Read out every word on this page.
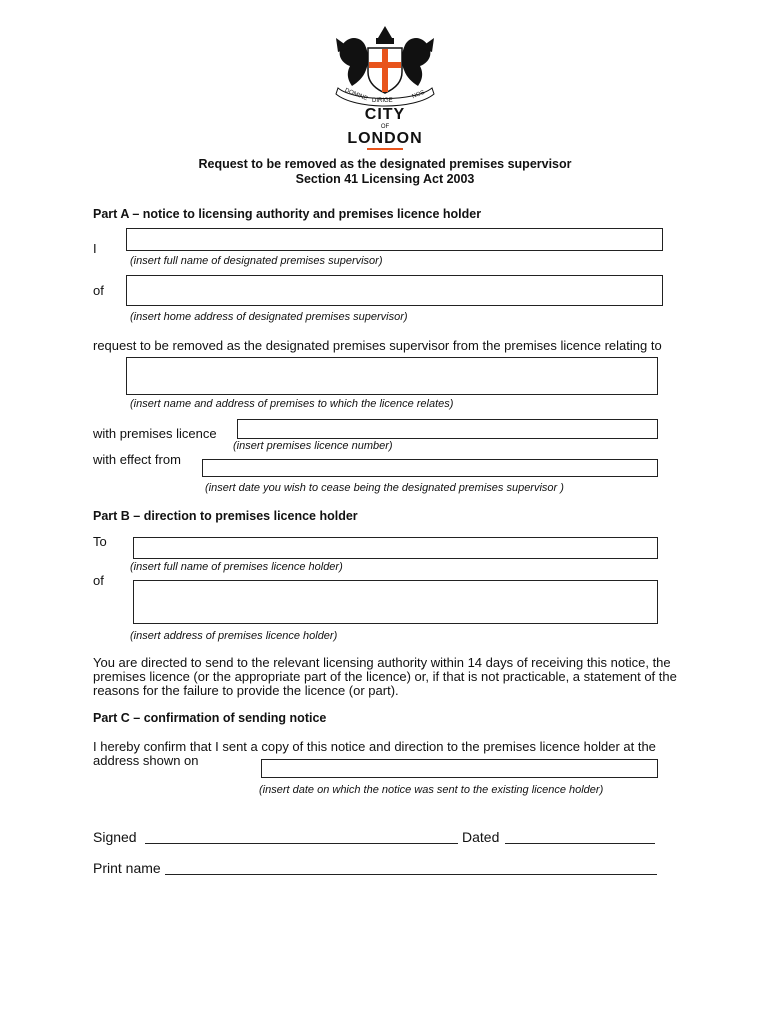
DOMINE	NOS
DIRIGE
CITY
OF
LONDON
Request to be removed as the designated premises supervisor
Section 41 Licensing Act 2003
Part A – notice to licensing authority and premises licence holder
I
(insert full name of designated premises supervisor)
of
(insert home address of designated premises supervisor)
request to be removed as the designated premises supervisor from the premises licence relating to
(insert name and address of premises to which the licence relates)
with premises licence
(insert premises licence number)
with effect from
(insert date you wish to cease being the designated premises supervisor )
Part B – direction to premises licence holder
To
(insert full name of premises licence holder)
of
(insert address of premises licence holder)
You are directed to send to the relevant licensing authority within 14 days of receiving this notice, the
premises licence (or the appropriate part of the licence) or, if that is not practicable, a statement of the
reasons for the failure to provide the licence (or part).
Part C – confirmation of sending notice
I hereby confirm that I sent a copy of this notice and direction to the premises licence holder at the
address shown on
(insert date on which the notice was sent to the existing licence holder)
Signed	Dated
Print name
